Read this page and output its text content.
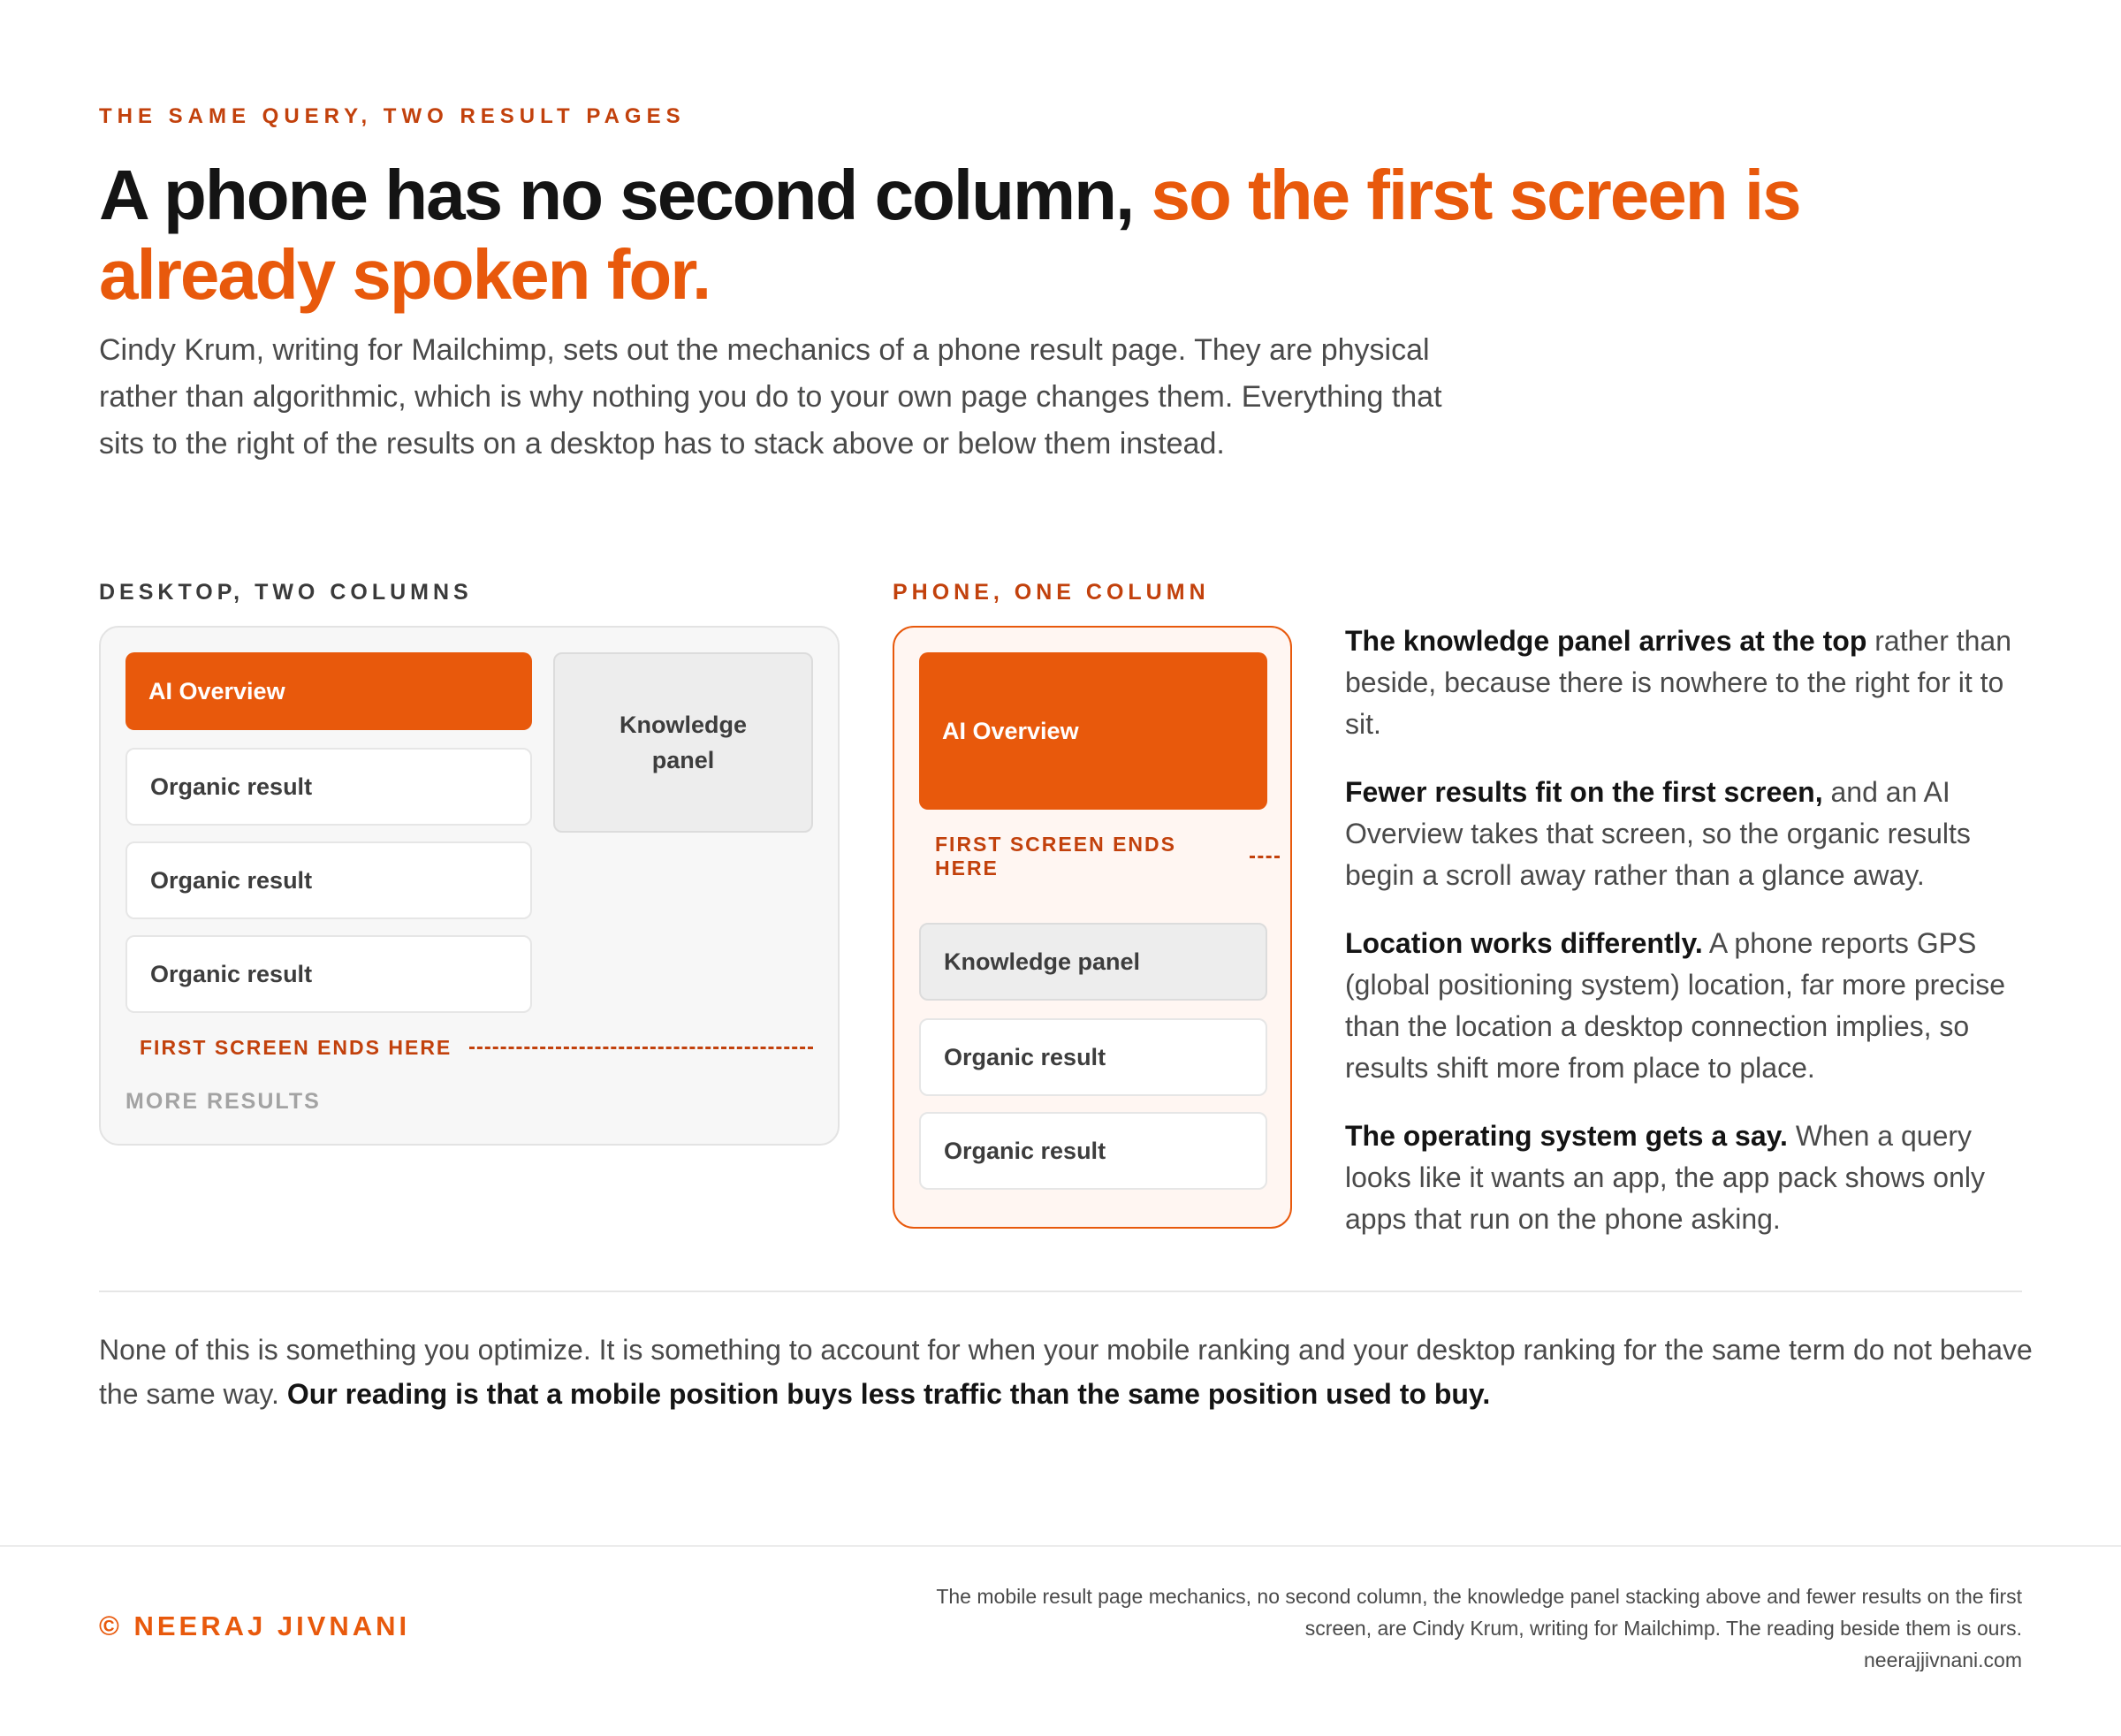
THE SAME QUERY, TWO RESULT PAGES
A phone has no second column, so the first screen is already spoken for.

Cindy Krum, writing for Mailchimp, sets out the mechanics of a phone result page. They are physical rather than algorithmic, which is why nothing you do to your own page changes them. Everything that sits to the right of the results on a desktop has to stack above or below them instead.

DESKTOP, TWO COLUMNS	PHONE, ONE COLUMN
AI Overview
Organic result
Organic result
Organic result
Knowledge panel
FIRST SCREEN ENDS HERE
MORE RESULTS
AI Overview
FIRST SCREEN ENDS HERE
Knowledge panel
Organic result
Organic result

The knowledge panel arrives at the top rather than beside, because there is nowhere to the right for it to sit.

Fewer results fit on the first screen, and an AI Overview takes that screen, so the organic results begin a scroll away rather than a glance away.

Location works differently. A phone reports GPS (global positioning system) location, far more precise than the location a desktop connection implies, so results shift more from place to place.

The operating system gets a say. When a query looks like it wants an app, the app pack shows only apps that run on the phone asking.

None of this is something you optimize. It is something to account for when your mobile ranking and your desktop ranking for the same term do not behave the same way. Our reading is that a mobile position buys less traffic than the same position used to buy.

© NEERAJ JIVNANI
The mobile result page mechanics, no second column, the knowledge panel stacking above and fewer results on the first
screen, are Cindy Krum, writing for Mailchimp. The reading beside them is ours.
neerajjivnani.com
